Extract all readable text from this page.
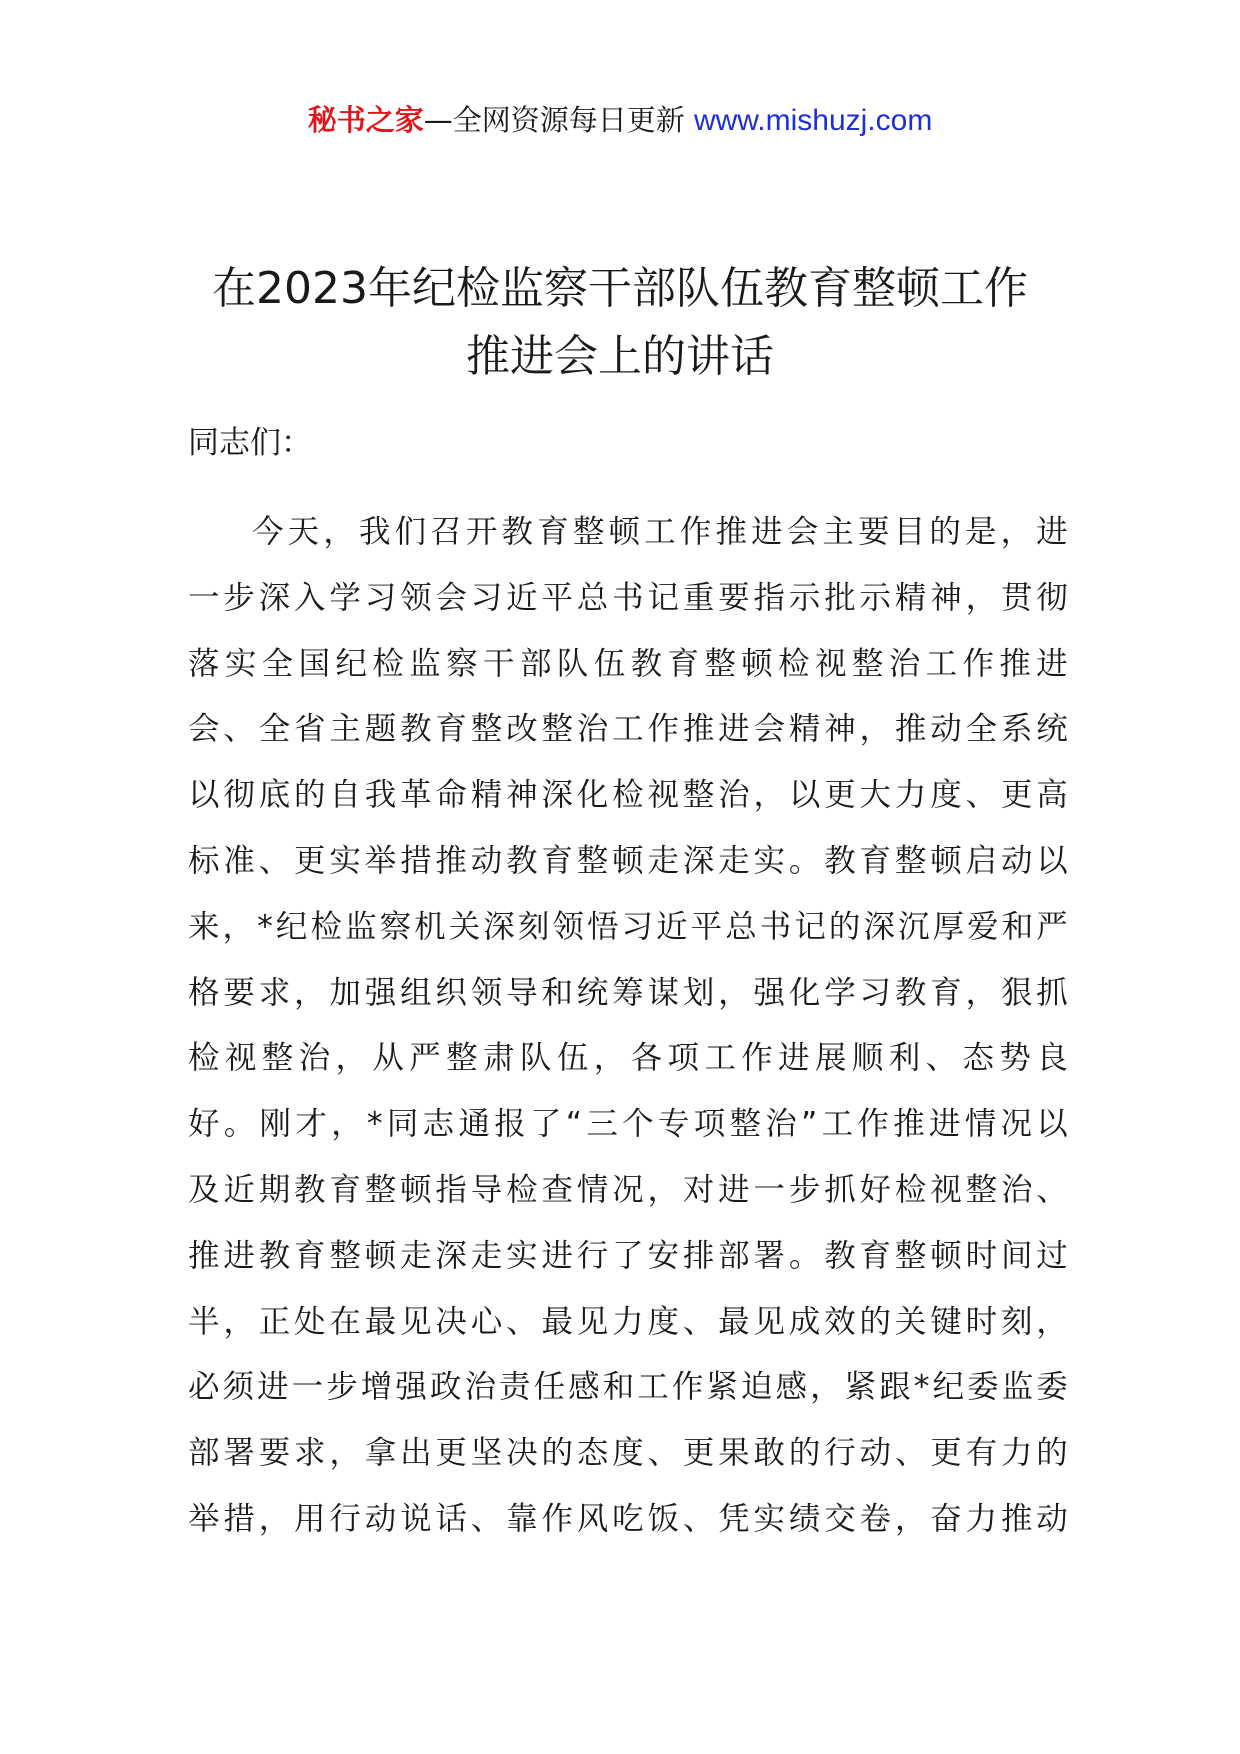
秘书之家—全网资源每日更新 www.mishuzj.com
在2023年纪检监察干部队伍教育整顿工作
推进会上的讲话

同志们：

今天，我们召开教育整顿工作推进会主要目的是，进
一步深入学习领会习近平总书记重要指示批示精神，贯彻
落实全国纪检监察干部队伍教育整顿检视整治工作推进
会、全省主题教育整改整治工作推进会精神，推动全系统
以彻底的自我革命精神深化检视整治，以更大力度、更高
标准、更实举措推动教育整顿走深走实。教育整顿启动以
来，*纪检监察机关深刻领悟习近平总书记的深沉厚爱和严
格要求，加强组织领导和统筹谋划，强化学习教育，狠抓
检视整治，从严整肃队伍，各项工作进展顺利、态势良
好。刚才，*同志通报了“三个专项整治”工作推进情况以
及近期教育整顿指导检查情况，对进一步抓好检视整治、
推进教育整顿走深走实进行了安排部署。教育整顿时间过
半，正处在最见决心、最见力度、最见成效的关键时刻，
必须进一步增强政治责任感和工作紧迫感，紧跟*纪委监委
部署要求，拿出更坚决的态度、更果敢的行动、更有力的
举措，用行动说话、靠作风吃饭、凭实绩交卷，奋力推动
